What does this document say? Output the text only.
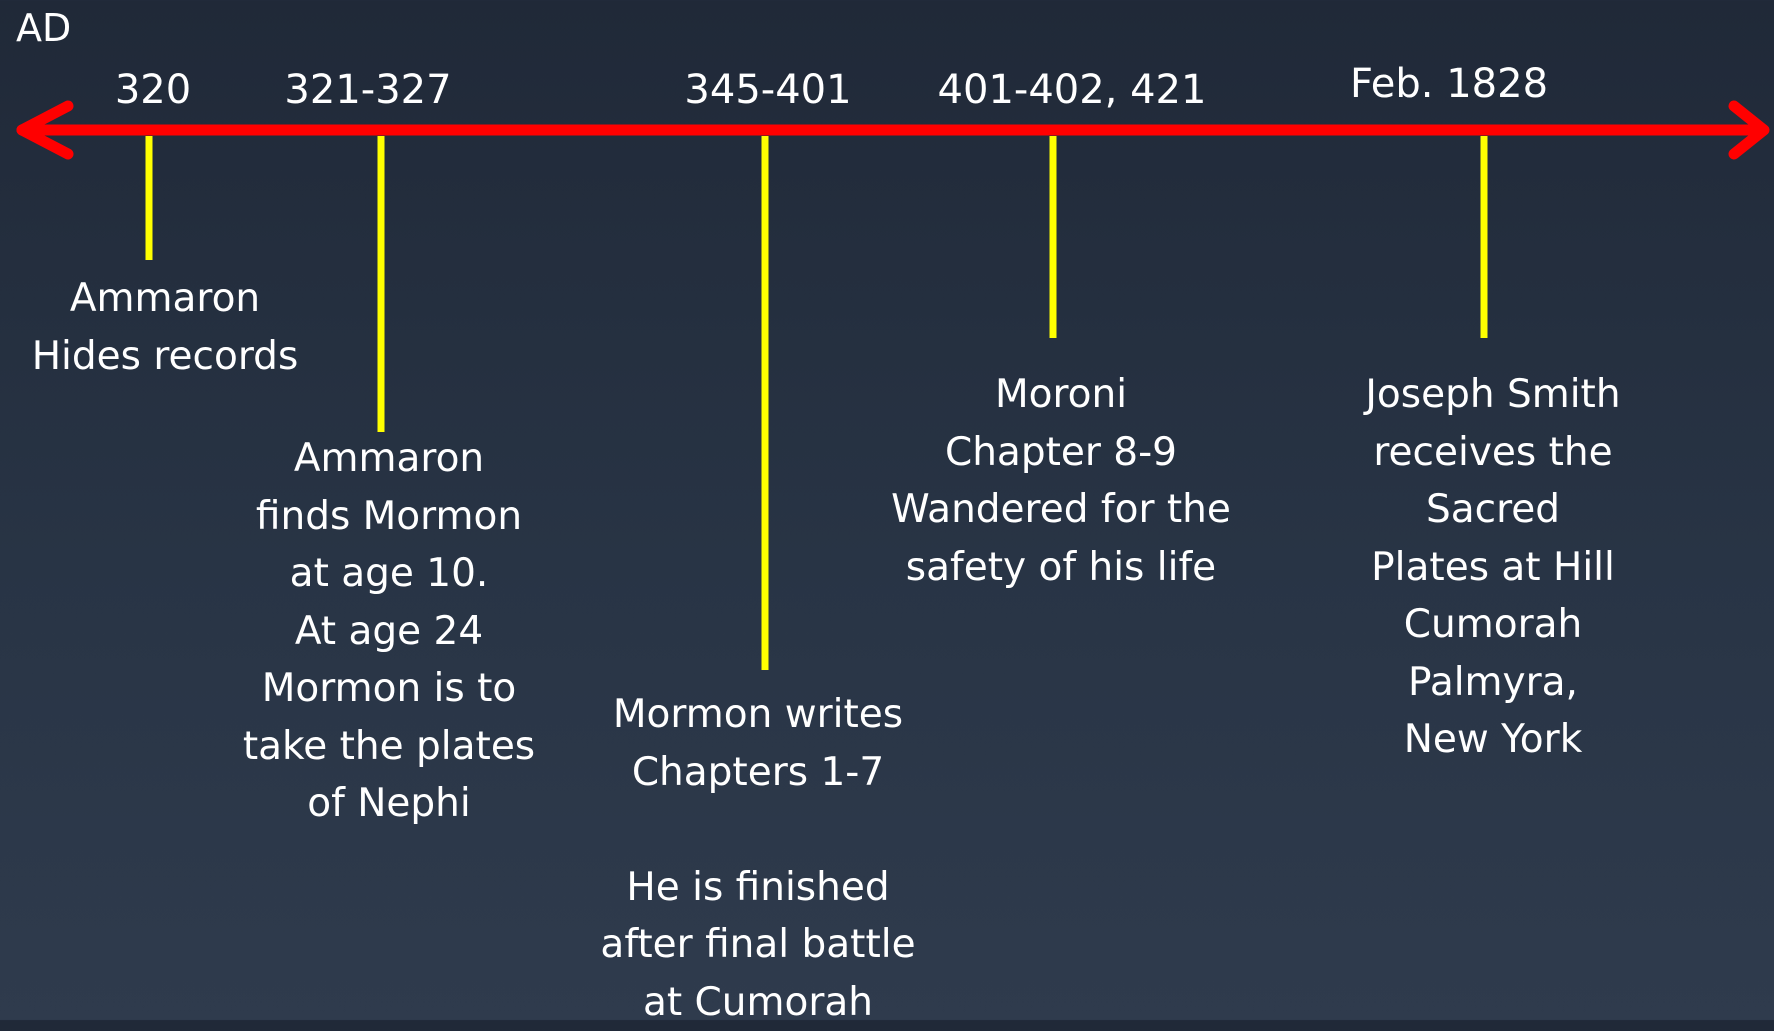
AD
320 321-327	345-401 401-402, 421	Feb. 1828
Ammaron
Hides records
Ammaron
finds Mormon
at age 10.
At age 24
Mormon is to
take the plates
of Nephi
Mormon writes
Chapters 1-7

He is finished
after final battle
at Cumorah
Moroni
Chapter 8-9
Wandered for the
safety of his life
Joseph Smith
receives the Sacred
Plates at Hill
Cumorah Palmyra,
New York
